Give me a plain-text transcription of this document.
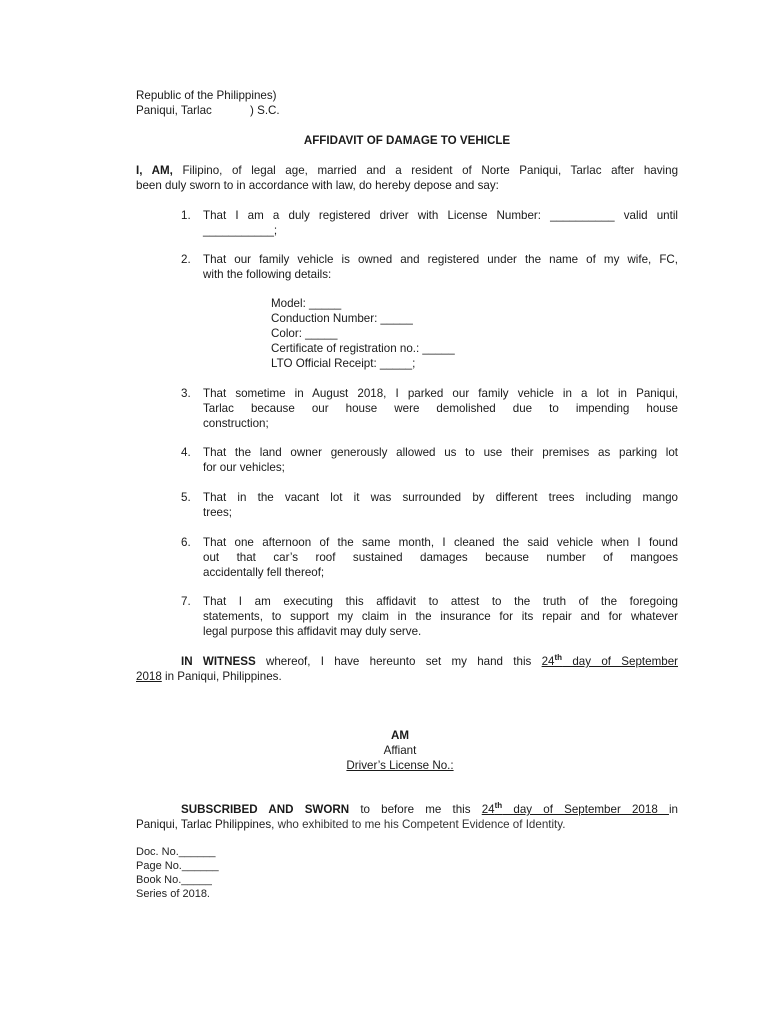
Republic of the Philippines)
Paniqui, Tarlac	) S.C.
AFFIDAVIT OF DAMAGE TO VEHICLE
I, AM, Filipino, of legal age, married and a resident of Norte Paniqui, Tarlac after having
been duly sworn to in accordance with law, do hereby depose and say:
1.	That I am a duly registered driver with License Number: __________ valid until
___________;
2.	That our family vehicle is owned and registered under the name of my wife, FC,
with the following details:
Model: _____
Conduction Number: _____
Color: _____
Certificate of registration no.: _____
LTO Official Receipt: _____;
3.	That sometime in August 2018, I parked our family vehicle in a lot in Paniqui,
Tarlac because our house were demolished due to impending house
construction;
4.	That the land owner generously allowed us to use their premises as parking lot
for our vehicles;
5.	That in the vacant lot it was surrounded by different trees including mango
trees;
6.	That one afternoon of the same month, I cleaned the said vehicle when I found
out that car’s roof sustained damages because number of mangoes
accidentally fell thereof;
7.	That I am executing this affidavit to attest to the truth of the foregoing
statements, to support my claim in the insurance for its repair and for whatever
legal purpose this affidavit may duly serve.
IN WITNESS whereof, I have hereunto set my hand this 24th day of September
2018 in Paniqui, Philippines.
AM
Affiant
Driver’s License No.:
SUBSCRIBED AND SWORN to before me this 24th day of September 2018 in
Paniqui, Tarlac Philippines, who exhibited to me his Competent Evidence of Identity.
Doc. No.______
Page No.______
Book No._____
Series of 2018.
